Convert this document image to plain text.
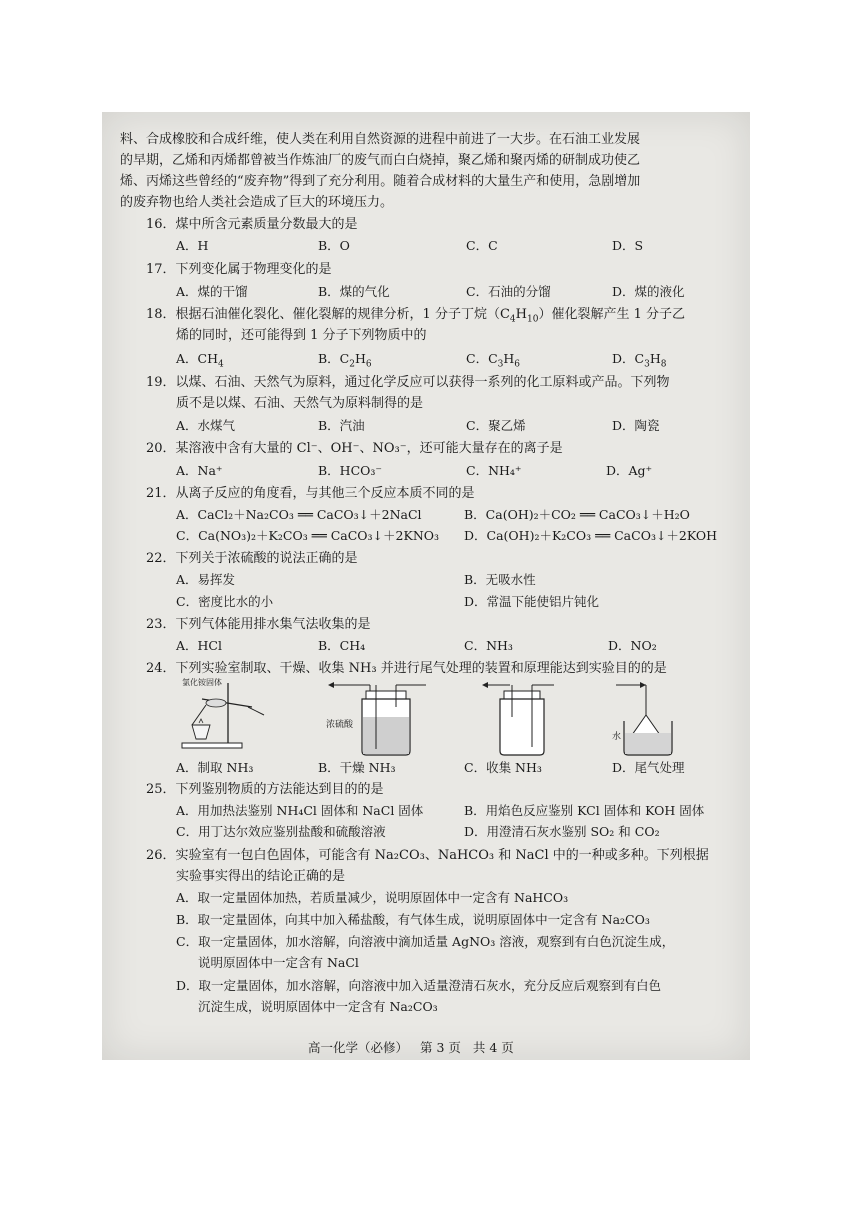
料、合成橡胶和合成纤维，使人类在利用自然资源的进程中前进了一大步。在石油工业发展
的早期，乙烯和丙烯都曾被当作炼油厂的废气而白白烧掉，聚乙烯和聚丙烯的研制成功使乙
烯、丙烯这些曾经的“废弃物”得到了充分利用。随着合成材料的大量生产和使用，急剧增加
的废弃物也给人类社会造成了巨大的环境压力。
16．煤中所含元素质量分数最大的是
A．H	B．O	C．C	D．S
17．下列变化属于物理变化的是
A．煤的干馏	B．煤的气化	C．石油的分馏	D．煤的液化
18．根据石油催化裂化、催化裂解的规律分析，1 分子丁烷$(C_4H_{10})$催化裂解产生 1 分子乙
烯的同时，还可能得到 1 分子下列物质中的
A．$CH_4$	B．$C_2H_6$	C．$C_3H_6$	D．$C_3H_8$
19．以煤、石油、天然气为原料，通过化学反应可以获得一系列的化工原料或产品。下列物
质不是以煤、石油、天然气为原料制得的是
A．水煤气	B．汽油	C．聚乙烯	D．陶瓷
20．某溶液中含有大量的 Cl⁻、OH⁻、NO₃⁻，还可能大量存在的离子是
A．Na⁺	B．HCO₃⁻	C．NH₄⁺	D．Ag⁺
21．从离子反应的角度看，与其他三个反应本质不同的是
A．CaCl₂＋Na₂CO₃ ══ CaCO₃↓＋2NaCl	B．Ca(OH)₂＋CO₂ ══ CaCO₃↓＋H₂O
C．Ca(NO₃)₂＋K₂CO₃ ══ CaCO₃↓＋2KNO₃ D．Ca(OH)₂＋K₂CO₃ ══ CaCO₃↓＋2KOH
22．下列关于浓硫酸的说法正确的是
A．易挥发	B．无吸水性
C．密度比水的小	D．常温下能使铝片钝化
23．下列气体能用排水集气法收集的是
A．HCl	B．CH₄	C．NH₃	D．NO₂
24．下列实验室制取、干燥、收集 NH₃ 并进行尾气处理的装置和原理能达到实验目的的是
氯化铵固体
浓硫酸
水
A．制取 NH₃	B．干燥 NH₃	C．收集 NH₃	D．尾气处理
25．下列鉴别物质的方法能达到目的的是
A．用加热法鉴别 NH₄Cl 固体和 NaCl 固体	B．用焰色反应鉴别 KCl 固体和 KOH 固体
C．用丁达尔效应鉴别盐酸和硫酸溶液	D．用澄清石灰水鉴别 SO₂ 和 CO₂
26．实验室有一包白色固体，可能含有 Na₂CO₃、NaHCO₃ 和 NaCl 中的一种或多种。下列根据
实验事实得出的结论正确的是
A．取一定量固体加热，若质量减少，说明原固体中一定含有 NaHCO₃
B．取一定量固体，向其中加入稀盐酸，有气体生成，说明原固体中一定含有 Na₂CO₃
C．取一定量固体，加水溶解，向溶液中滴加适量 AgNO₃ 溶液，观察到有白色沉淀生成，
说明原固体中一定含有 NaCl
D．取一定量固体，加水溶解，向溶液中加入适量澄清石灰水，充分反应后观察到有白色
沉淀生成，说明原固体中一定含有 Na₂CO₃
高一化学（必修） 第 3 页 共 4 页
